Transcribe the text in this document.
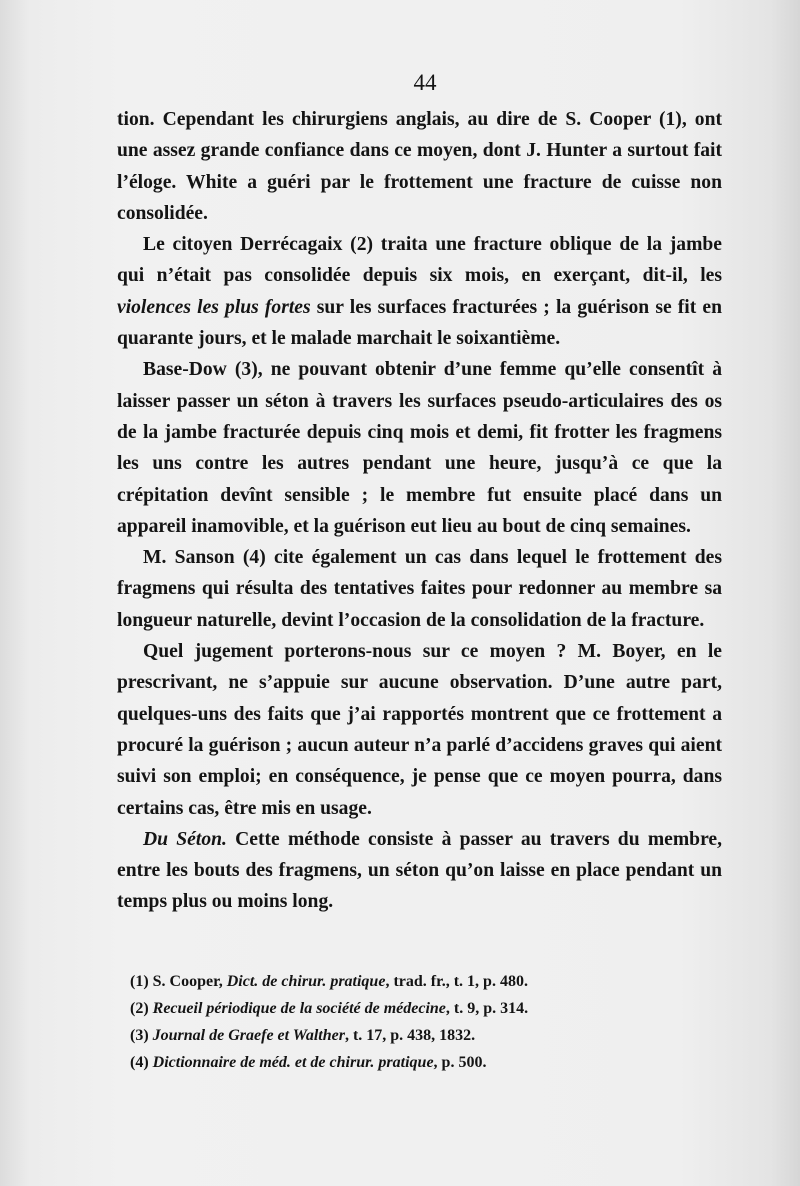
44

tion. Cependant les chirurgiens anglais, au dire de S. Cooper (1), ont une assez grande confiance dans ce moyen, dont J. Hunter a surtout fait l’éloge. White a guéri par le frottement une fracture de cuisse non consolidée.

Le citoyen Derrécagaix (2) traita une fracture oblique de la jambe qui n’était pas consolidée depuis six mois, en exerçant, dit-il, les violences les plus fortes sur les surfaces fracturées ; la guérison se fit en quarante jours, et le malade marchait le soixantième.

Base-Dow (3), ne pouvant obtenir d’une femme qu’elle consentît à laisser passer un séton à travers les surfaces pseudo-articulaires des os de la jambe fracturée depuis cinq mois et demi, fit frotter les fragmens les uns contre les autres pendant une heure, jusqu’à ce que la crépitation devînt sensible ; le membre fut ensuite placé dans un appareil inamovible, et la guérison eut lieu au bout de cinq semaines.

M. Sanson (4) cite également un cas dans lequel le frottement des fragmens qui résulta des tentatives faites pour redonner au membre sa longueur naturelle, devint l’occasion de la consolidation de la fracture.

Quel jugement porterons-nous sur ce moyen ? M. Boyer, en le prescrivant, ne s’appuie sur aucune observation. D’une autre part, quelques-uns des faits que j’ai rapportés montrent que ce frottement a procuré la guérison ; aucun auteur n’a parlé d’accidens graves qui aient suivi son emploi; en conséquence, je pense que ce moyen pourra, dans certains cas, être mis en usage.

Du Séton. Cette méthode consiste à passer au travers du membre, entre les bouts des fragmens, un séton qu’on laisse en place pendant un temps plus ou moins long.

(1) S. Cooper, Dict. de chirur. pratique, trad. fr., t. 1, p. 480.

(2) Recueil périodique de la société de médecine, t. 9, p. 314.

(3) Journal de Graefe et Walther, t. 17, p. 438, 1832.

(4) Dictionnaire de méd. et de chirur. pratique, p. 500.
